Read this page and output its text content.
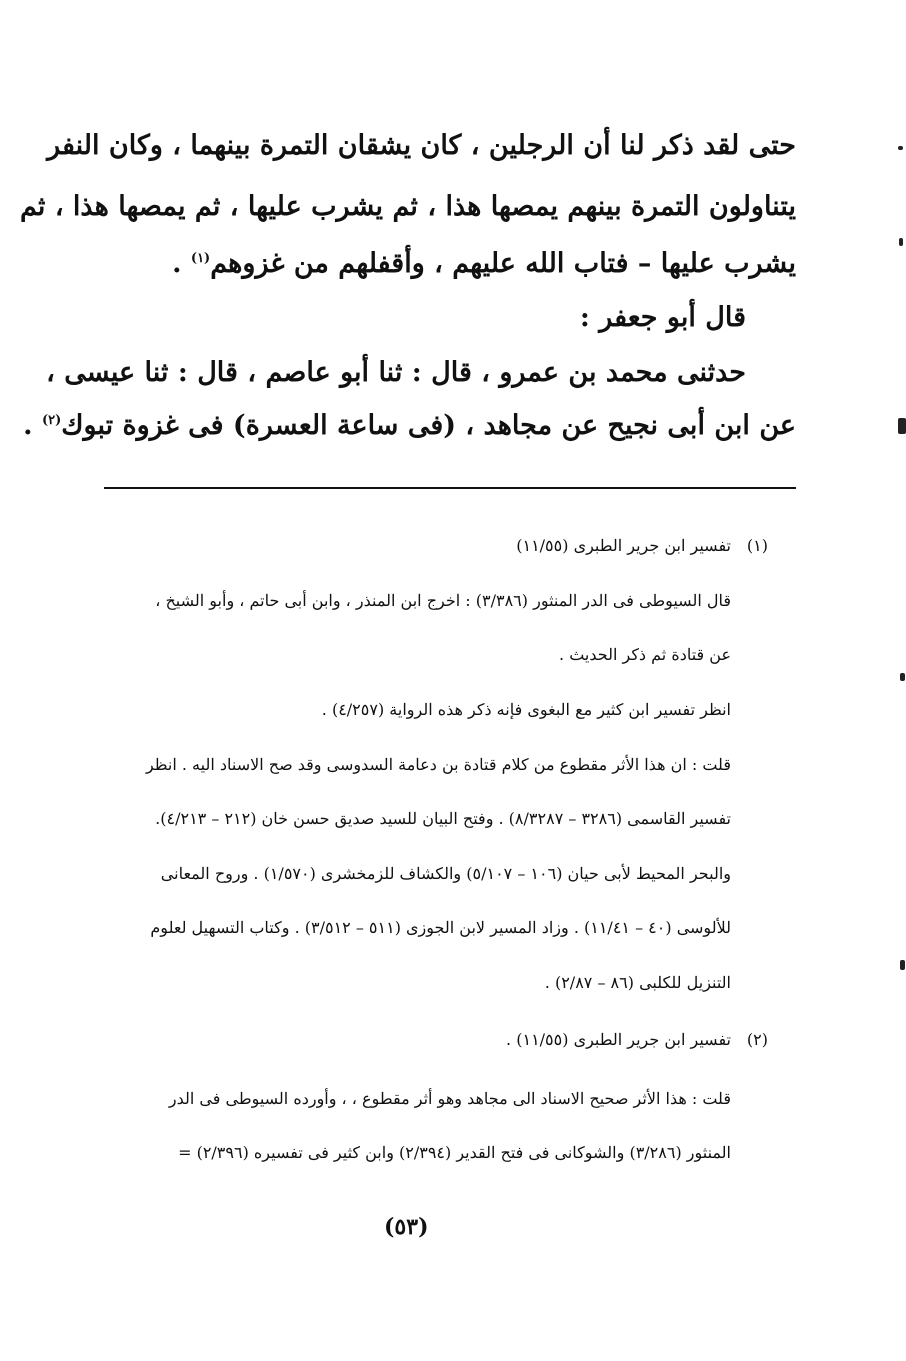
حتى لقد ذكر لنا أن الرجلين ، كان يشقان التمرة بينهما ، وكان النفر
يتناولون التمرة بينهم يمصها هذا ، ثم يشرب عليها ، ثم يمصها هذا ، ثم
يشرب عليها – فتاب الله عليهم ، وأقفلهم من غزوهم$^{(١)}$ .
قال أبو جعفر :
حدثنى محمد بن عمرو ، قال : ثنا أبو عاصم ، قال : ثنا عيسى ،
عن ابن أبى نجيح عن مجاهد ، (فى ساعة العسرة) فى غزوة تبوك$^{(٢)}$ .
(١)
تفسير ابن جرير الطبرى (١١/٥٥)
قال السيوطى فى الدر المنثور (٣/٣٨٦) : اخرج ابن المنذر ، وابن أبى حاتم ، وأبو الشيخ ،
عن قتادة ثم ذكر الحديث .
انظر تفسير ابن كثير مع البغوى فإنه ذكر هذه الرواية (٤/٢٥٧) .
قلت : ان هذا الأثر مقطوع من كلام قتادة بن دعامة السدوسى وقد صح الاسناد اليه . انظر
تفسير القاسمى (٣٢٨٦ – ٨/٣٢٨٧) . وفتح البيان للسيد صديق حسن خان (٢١٢ – ٤/٢١٣).
والبحر المحيط لأبى حيان (١٠٦ – ٥/١٠٧) والكشاف للزمخشرى (١/٥٧٠) . وروح المعانى
للألوسى (٤٠ – ١١/٤١) . وزاد المسير لابن الجوزى (٥١١ – ٣/٥١٢) . وكتاب التسهيل لعلوم
التنزيل للكلبى (٨٦ – ٢/٨٧) .
(٢)
تفسير ابن جرير الطبرى (١١/٥٥) .
قلت : هذا الأثر صحيح الاسناد الى مجاهد وهو أثر مقطوع ، ، وأورده السيوطى فى الدر
المنثور (٣/٢٨٦) والشوكانى فى فتح القدير (٢/٣٩٤) وابن كثير فى تفسيره (٢/٣٩٦) =
(٥٣)
